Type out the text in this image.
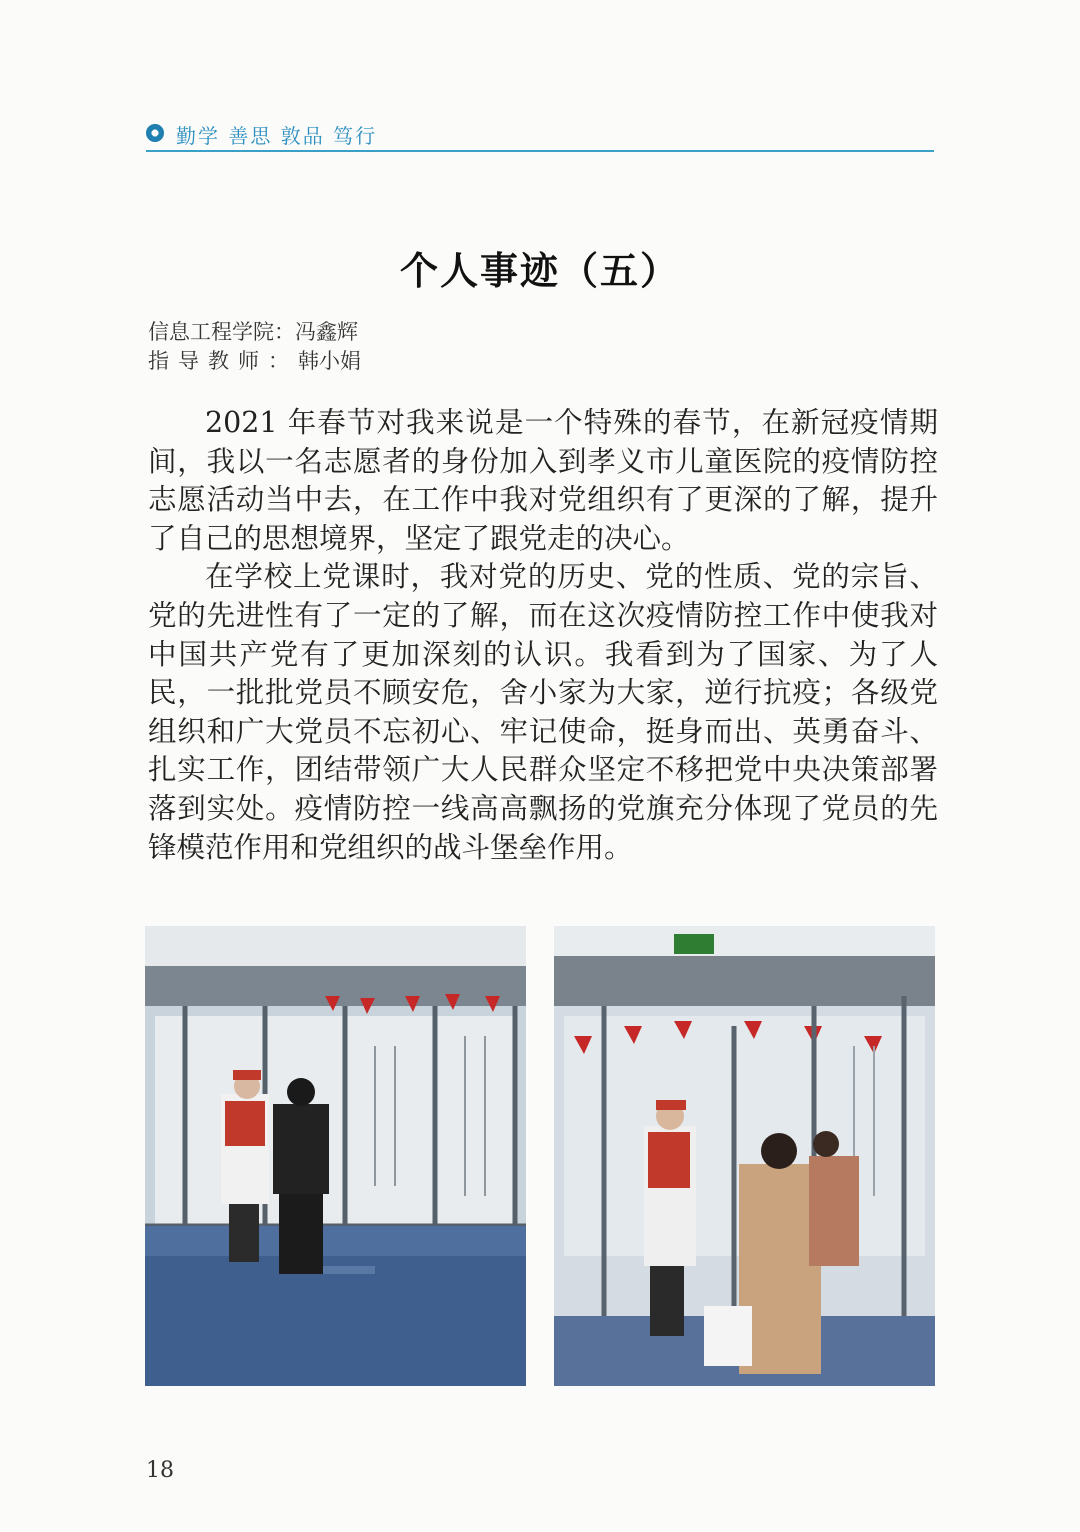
勤学 善思 敦品 笃行
个人事迹（五）
信息工程学院：冯鑫辉
指导教师：韩小娟

2021 年春节对我来说是一个特殊的春节，在新冠疫情期间，我以一名志愿者的身份加入到孝义市儿童医院的疫情防控志愿活动当中去，在工作中我对党组织有了更深的了解，提升了自己的思想境界，坚定了跟党走的决心。

在学校上党课时，我对党的历史、党的性质、党的宗旨、党的先进性有了一定的了解，而在这次疫情防控工作中使我对中国共产党有了更加深刻的认识。我看到为了国家、为了人民，一批批党员不顾安危，舍小家为大家，逆行抗疫；各级党组织和广大党员不忘初心、牢记使命，挺身而出、英勇奋斗、扎实工作，团结带领广大人民群众坚定不移把党中央决策部署落到实处。疫情防控一线高高飘扬的党旗充分体现了党员的先锋模范作用和党组织的战斗堡垒作用。

18
